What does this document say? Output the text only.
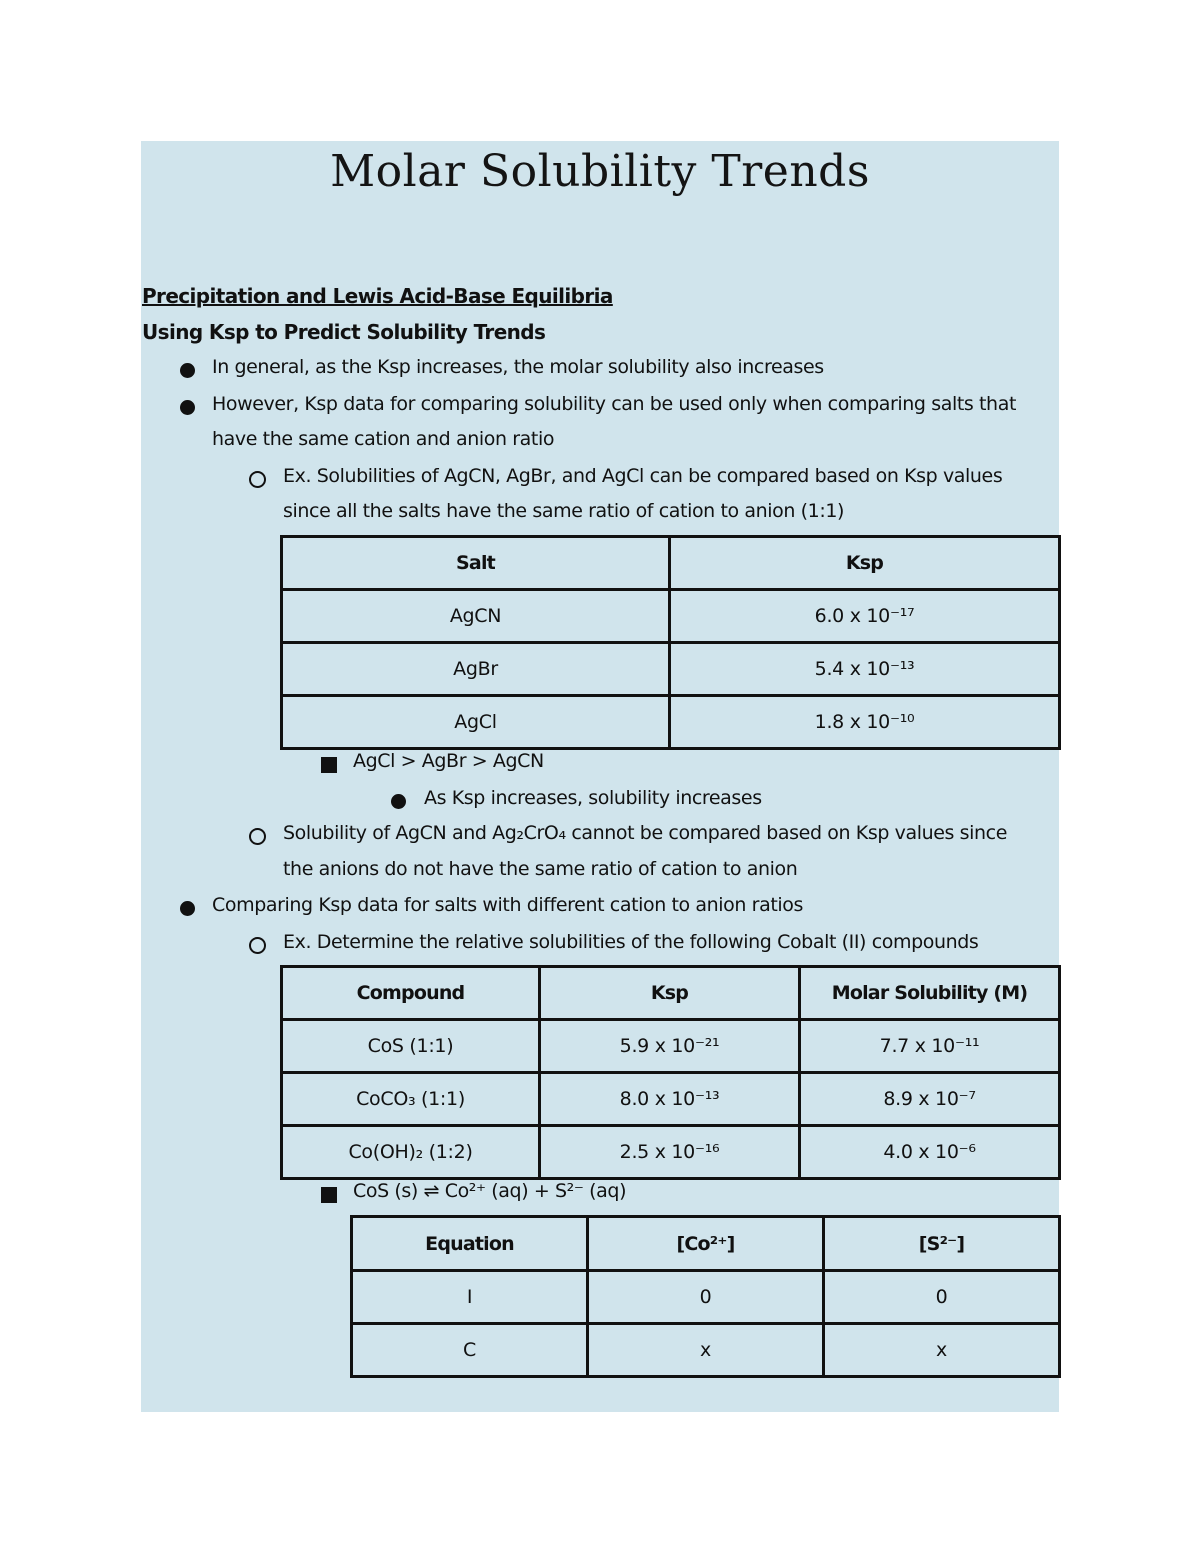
Molar Solubility Trends
Precipitation and Lewis Acid-Base Equilibria
Using Ksp to Predict Solubility Trends
In general, as the Ksp increases, the molar solubility also increases
However, Ksp data for comparing solubility can be used only when comparing salts that
have the same cation and anion ratio
Ex. Solubilities of AgCN, AgBr, and AgCl can be compared based on Ksp values
since all the salts have the same ratio of cation to anion (1:1)
Salt	Ksp
AgCN	6.0 x 10⁻¹⁷
AgBr	5.4 x 10⁻¹³
AgCl	1.8 x 10⁻¹⁰
AgCl > AgBr > AgCN
As Ksp increases, solubility increases
Solubility of AgCN and Ag₂CrO₄ cannot be compared based on Ksp values since
the anions do not have the same ratio of cation to anion
Comparing Ksp data for salts with different cation to anion ratios
Ex. Determine the relative solubilities of the following Cobalt (II) compounds
Compound	Ksp	Molar Solubility (M)
CoS (1:1)	5.9 x 10⁻²¹	7.7 x 10⁻¹¹
CoCO₃ (1:1)	8.0 x 10⁻¹³	8.9 x 10⁻⁷
Co(OH)₂ (1:2)	2.5 x 10⁻¹⁶	4.0 x 10⁻⁶
CoS (s) ⇌ Co²⁺ (aq) + S²⁻ (aq)
Equation	[Co²⁺]	[S²⁻]
I	0	0
C	x	x
